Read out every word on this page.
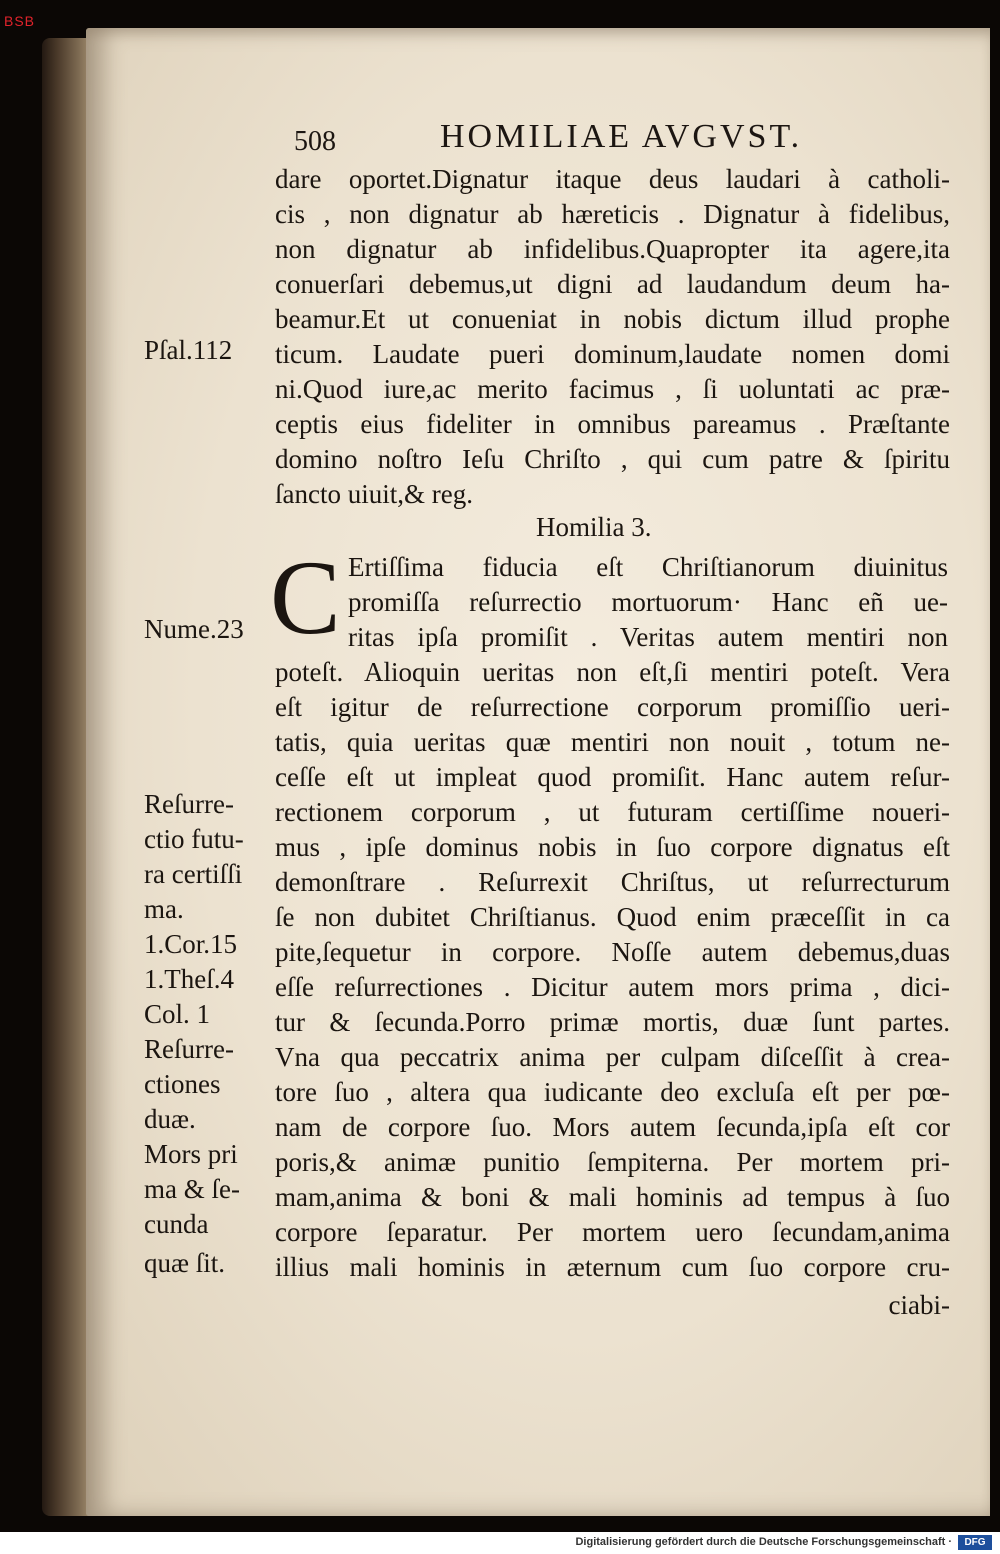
BSB
508	HOMILIAE AVGVST.
dare oportet.Dignatur itaque deus laudari à catholi-
cis , non dignatur ab hæreticis . Dignatur à fidelibus,
non dignatur ab infidelibus.Quapropter ita agere,ita
conuerſari debemus,ut digni ad laudandum deum ha-
beamur.Et ut conueniat in nobis dictum illud prophe
ticum. Laudate pueri dominum,laudate nomen domi
ni.Quod iure,ac merito facimus , ſi uoluntati ac præ-
ceptis eius fideliter in omnibus pareamus . Præſtante
domino noſtro Ieſu Chriſto , qui cum patre & ſpiritu
ſancto uiuit,& reg.
Homilia 3.
C Ertiſſima fiducia eſt Chriſtianorum diuinitus
promiſſa reſurrectio mortuorum· Hanc eñ ue-
ritas ipſa promiſit . Veritas autem mentiri non
poteſt. Alioquin ueritas non eſt,ſi mentiri poteſt. Vera
eſt igitur de reſurrectione corporum promiſſio ueri-
tatis, quia ueritas quæ mentiri non nouit , totum ne-
ceſſe eſt ut impleat quod promiſit. Hanc autem reſur-
rectionem corporum , ut futuram certiſſime noueri-
mus , ipſe dominus nobis in ſuo corpore dignatus eſt
demonſtrare . Reſurrexit Chriſtus, ut reſurrecturum
ſe non dubitet Chriſtianus. Quod enim præceſſit in ca
pite,ſequetur in corpore. Noſſe autem debemus,duas
eſſe reſurrectiones . Dicitur autem mors prima , dici-
tur & ſecunda.Porro primæ mortis, duæ ſunt partes.
Vna qua peccatrix anima per culpam diſceſſit à crea-
tore ſuo , altera qua iudicante deo excluſa eſt per pœ-
nam de corpore ſuo. Mors autem ſecunda,ipſa eſt cor
poris,& animæ punitio ſempiterna. Per mortem pri-
mam,anima & boni & mali hominis ad tempus à ſuo
corpore ſeparatur. Per mortem uero ſecundam,anima
illius mali hominis in æternum cum ſuo corpore cru-
ciabi-
Pſal.112
Nume.23
Reſurre-
ctio futu-
ra certiſſi
ma.
1.Cor.15
1.Theſ.4
Col. 1
Reſurre-
ctiones
duæ.
Mors pri
ma & ſe-
cunda
quæ ſit.
Digitalisierung gefördert durch die Deutsche Forschungsgemeinschaft ·	DFG
